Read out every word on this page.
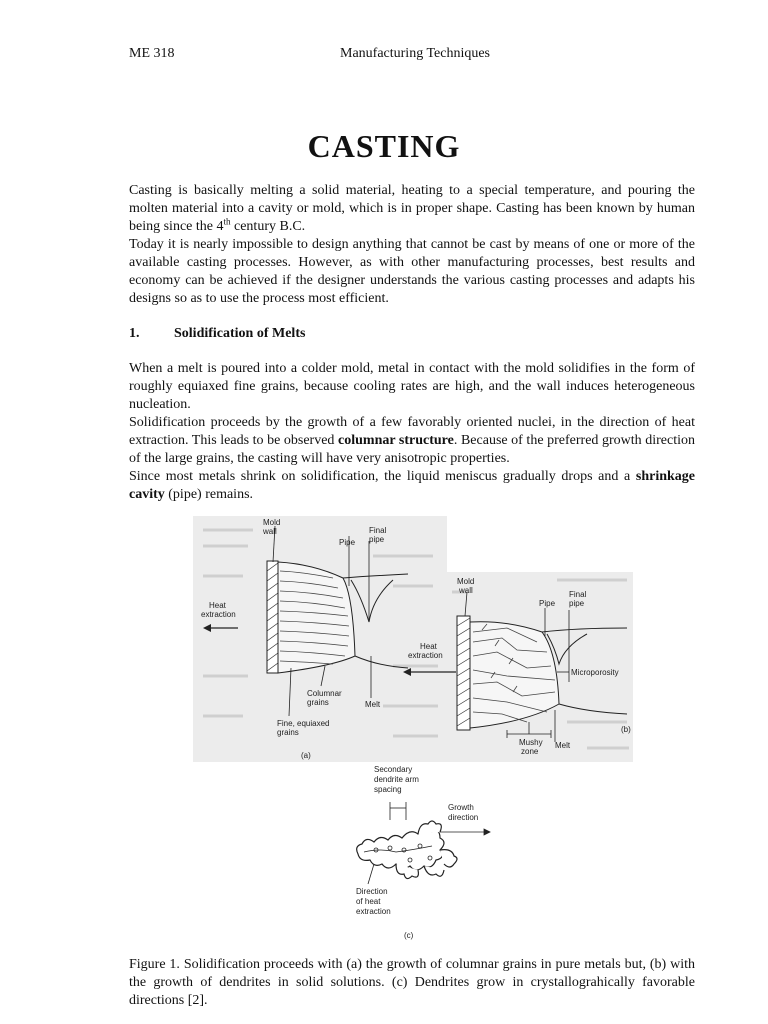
ME 318	Manufacturing Techniques
CASTING
Casting is basically melting a solid material, heating to a special temperature, and pouring the molten material into a cavity or mold, which is in proper shape. Casting has been known by human being since the 4th century B.C.
Today it is nearly impossible to design anything that cannot be cast by means of one or more of the available casting processes. However, as with other manufacturing processes, best results and economy can be achieved if the designer understands the various casting processes and adapts his designs so as to use the process most efficient.
1. Solidification of Melts
When a melt is poured into a colder mold, metal in contact with the mold solidifies in the form of roughly equiaxed fine grains, because cooling rates are high, and the wall induces heterogeneous nucleation.
Solidification proceeds by the growth of a few favorably oriented nuclei, in the direction of heat extraction. This leads to be observed columnar structure. Because of the preferred growth direction of the large grains, the casting will have very anisotropic properties.
Since most metals shrink on solidification, the liquid meniscus gradually drops and a shrinkage cavity (pipe) remains.
Mold wall
Pipe
Final pipe
Heat extraction
Columnar grains
Fine, equiaxed grains
Melt
(a)
Mold wall
Pipe
Final pipe
Microporosity
Mushy zone
Melt
(b)
Heat extraction
Secondary dendrite arm spacing
Growth direction
Direction of heat extraction
(c)
Figure 1. Solidification proceeds with (a) the growth of columnar grains in pure metals but, (b) with the growth of dendrites in solid solutions. (c) Dendrites grow in crystallograhically favorable directions [2].
